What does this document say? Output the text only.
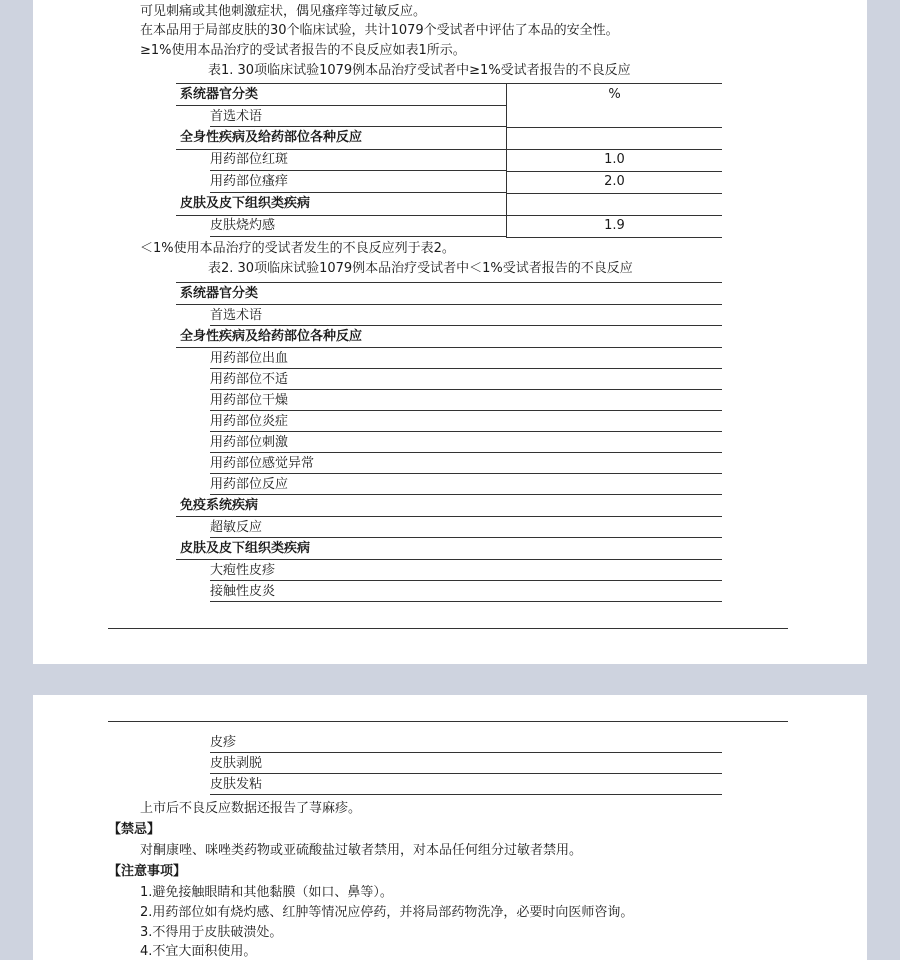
可见刺痛或其他刺激症状，偶见瘙痒等过敏反应。
在本品用于局部皮肤的30个临床试验，共计1079个受试者中评估了本品的安全性。
≥1%使用本品治疗的受试者报告的不良反应如表1所示。
表1. 30项临床试验1079例本品治疗受试者中≥1%受试者报告的不良反应
系统器官分类	%
首选术语	
全身性疾病及给药部位各种反应	
用药部位红斑	1.0
用药部位瘙痒	2.0
皮肤及皮下组织类疾病	
皮肤烧灼感	1.9
＜1%使用本品治疗的受试者发生的不良反应列于表2。
表2. 30项临床试验1079例本品治疗受试者中＜1%受试者报告的不良反应
系统器官分类
首选术语
全身性疾病及给药部位各种反应
用药部位出血
用药部位不适
用药部位干燥
用药部位炎症
用药部位刺激
用药部位感觉异常
用药部位反应
免疫系统疾病
超敏反应
皮肤及皮下组织类疾病
大疱性皮疹
接触性皮炎
皮疹
皮肤剥脱
皮肤发粘
上市后不良反应数据还报告了荨麻疹。
【禁忌】
对酮康唑、咪唑类药物或亚硫酸盐过敏者禁用，对本品任何组分过敏者禁用。
【注意事项】
1.避免接触眼睛和其他黏膜（如口、鼻等）。
2.用药部位如有烧灼感、红肿等情况应停药，并将局部药物洗净，必要时向医师咨询。
3.不得用于皮肤破溃处。
4.不宜大面积使用。
